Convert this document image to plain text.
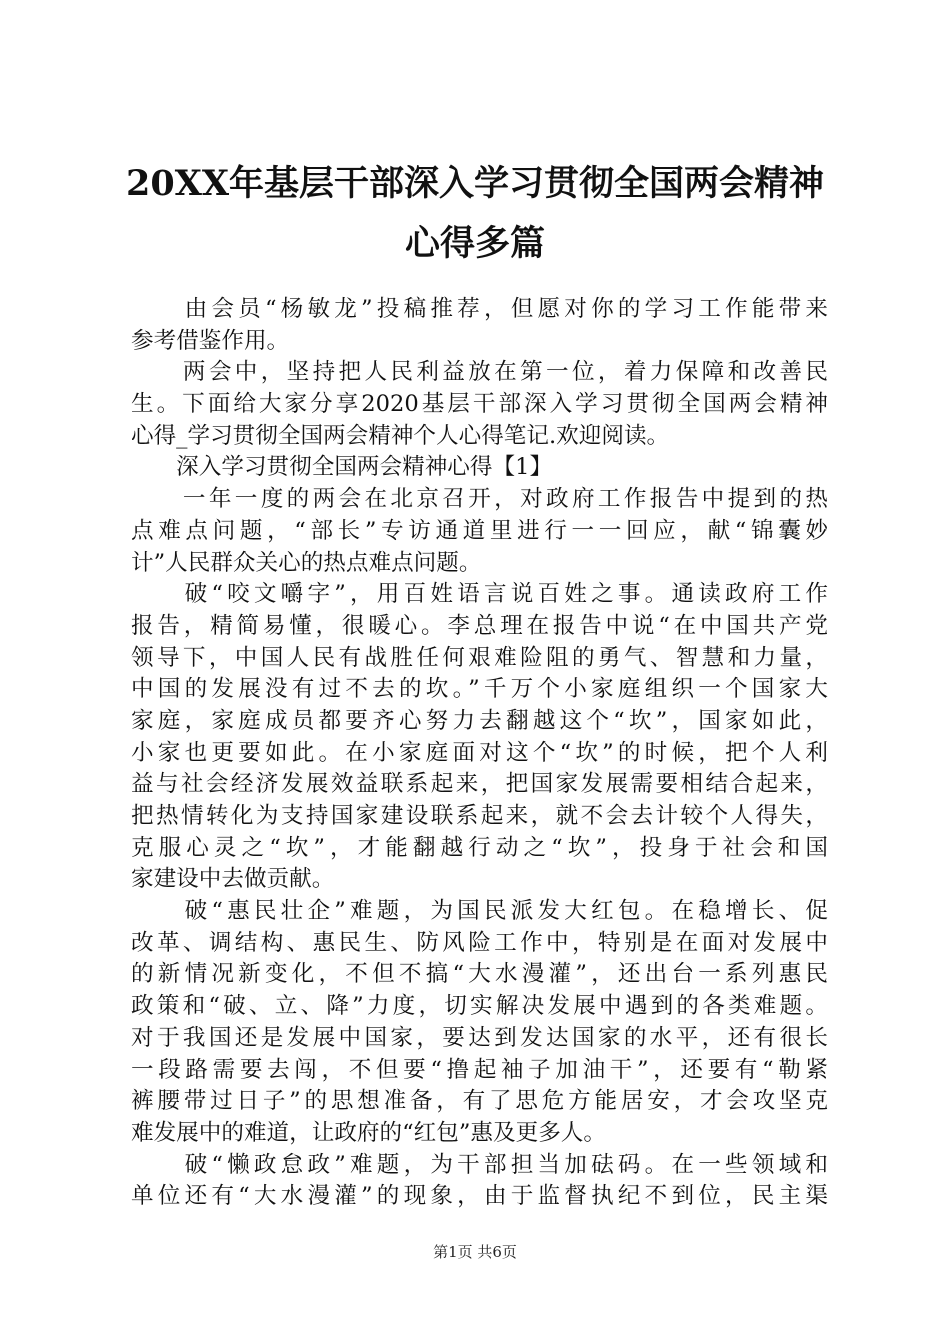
20XX年基层干部深入学习贯彻全国两会精神
心得多篇
　　由会员“杨敏龙”投稿推荐，但愿对你的学习工作能带来
参考借鉴作用。
　　两会中，坚持把人民利益放在第一位，着力保障和改善民
生。下面给大家分享2020基层干部深入学习贯彻全国两会精神
心得_学习贯彻全国两会精神个人心得笔记.欢迎阅读。
　　深入学习贯彻全国两会精神心得【1】
　　一年一度的两会在北京召开，对政府工作报告中提到的热
点难点问题，“部长”专访通道里进行一一回应，献“锦囊妙
计”人民群众关心的热点难点问题。
　　破“咬文嚼字”，用百姓语言说百姓之事。通读政府工作
报告，精简易懂，很暖心。李总理在报告中说“在中国共产党
领导下，中国人民有战胜任何艰难险阻的勇气、智慧和力量，
中国的发展没有过不去的坎。”千万个小家庭组织一个国家大
家庭，家庭成员都要齐心努力去翻越这个“坎”，国家如此，
小家也更要如此。在小家庭面对这个“坎”的时候，把个人利
益与社会经济发展效益联系起来，把国家发展需要相结合起来，
把热情转化为支持国家建设联系起来，就不会去计较个人得失，
克服心灵之“坎”，才能翻越行动之“坎”，投身于社会和国
家建设中去做贡献。
　　破“惠民壮企”难题，为国民派发大红包。在稳增长、促
改革、调结构、惠民生、防风险工作中，特别是在面对发展中
的新情况新变化，不但不搞“大水漫灌”，还出台一系列惠民
政策和“破、立、降”力度，切实解决发展中遇到的各类难题。
对于我国还是发展中国家，要达到发达国家的水平，还有很长
一段路需要去闯，不但要“撸起袖子加油干”，还要有“勒紧
裤腰带过日子”的思想准备，有了思危方能居安，才会攻坚克
难发展中的难道，让政府的“红包”惠及更多人。
　　破“懒政怠政”难题，为干部担当加砝码。在一些领域和
单位还有“大水漫灌”的现象，由于监督执纪不到位，民主渠
第1页 共6页
